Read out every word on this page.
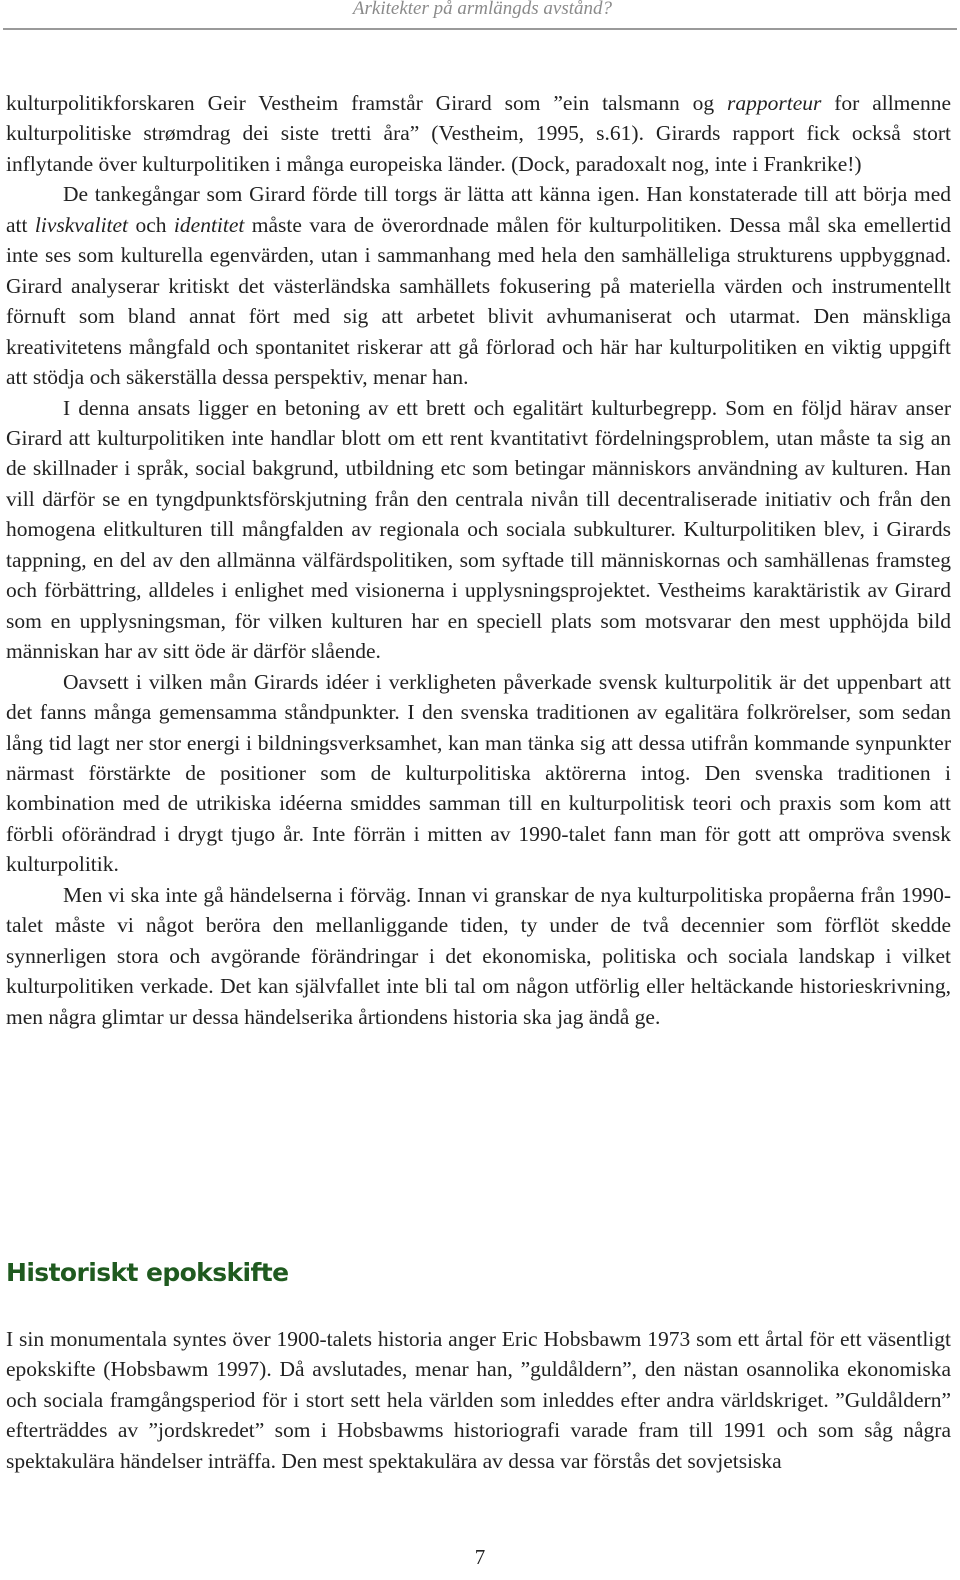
Arkitekter på armlängds avstånd?

kulturpolitikforskaren Geir Vestheim framstår Girard som ”ein talsmann og rapporteur for allmenne kulturpolitiske strømdrag dei siste tretti åra” (Vestheim, 1995, s.61). Girards rapport fick också stort inflytande över kulturpolitiken i många europeiska länder. (Dock, paradoxalt nog, inte i Frankrike!)

De tankegångar som Girard förde till torgs är lätta att känna igen. Han konstaterade till att börja med att livskvalitet och identitet måste vara de överordnade målen för kulturpolitiken. Dessa mål ska emellertid inte ses som kulturella egenvärden, utan i sammanhang med hela den samhälleliga strukturens uppbyggnad. Girard analyserar kritiskt det västerländska samhällets fokusering på materiella värden och instrumentellt förnuft som bland annat fört med sig att arbetet blivit avhumaniserat och utarmat. Den mänskliga kreativitetens mångfald och spontanitet riskerar att gå förlorad och här har kulturpolitiken en viktig uppgift att stödja och säkerställa dessa perspektiv, menar han.

I denna ansats ligger en betoning av ett brett och egalitärt kulturbegrepp. Som en följd härav anser Girard att kulturpolitiken inte handlar blott om ett rent kvantitativt fördelningsproblem, utan måste ta sig an de skillnader i språk, social bakgrund, utbildning etc som betingar människors användning av kulturen. Han vill därför se en tyngdpunktsförskjutning från den centrala nivån till decentraliserade initiativ och från den homogena elitkulturen till mångfalden av regionala och sociala subkulturer. Kulturpolitiken blev, i Girards tappning, en del av den allmänna välfärdspolitiken, som syftade till människornas och samhällenas framsteg och förbättring, alldeles i enlighet med visionerna i upplysningsprojektet. Vestheims karaktäristik av Girard som en upplysningsman, för vilken kulturen har en speciell plats som motsvarar den mest upphöjda bild människan har av sitt öde är därför slående.

Oavsett i vilken mån Girards idéer i verkligheten påverkade svensk kulturpolitik är det uppenbart att det fanns många gemensamma ståndpunkter. I den svenska traditionen av egalitära folkrörelser, som sedan lång tid lagt ner stor energi i bildningsverksamhet, kan man tänka sig att dessa utifrån kommande synpunkter närmast förstärkte de positioner som de kulturpolitiska aktörerna intog. Den svenska traditionen i kombination med de utrikiska idéerna smiddes samman till en kulturpolitisk teori och praxis som kom att förbli oförändrad i drygt tjugo år. Inte förrän i mitten av 1990-talet fann man för gott att ompröva svensk kulturpolitik.

Men vi ska inte gå händelserna i förväg. Innan vi granskar de nya kulturpolitiska propåerna från 1990-talet måste vi något beröra den mellanliggande tiden, ty under de två decennier som förflöt skedde synnerligen stora och avgörande förändringar i det ekonomiska, politiska och sociala landskap i vilket kulturpolitiken verkade. Det kan självfallet inte bli tal om någon utförlig eller heltäckande historieskrivning, men några glimtar ur dessa händelserika årtiondens historia ska jag ändå ge.

Historiskt epokskifte

I sin monumentala syntes över 1900-talets historia anger Eric Hobsbawm 1973 som ett årtal för ett väsentligt epokskifte (Hobsbawm 1997). Då avslutades, menar han, ”guldåldern”, den nästan osannolika ekonomiska och sociala framgångsperiod för i stort sett hela världen som inleddes efter andra världskriget. ”Guldåldern” efterträddes av ”jordskredet” som i Hobsbawms historiografi varade fram till 1991 och som såg några spektakulära händelser inträffa. Den mest spektakulära av dessa var förstås det sovjetsiska

7
